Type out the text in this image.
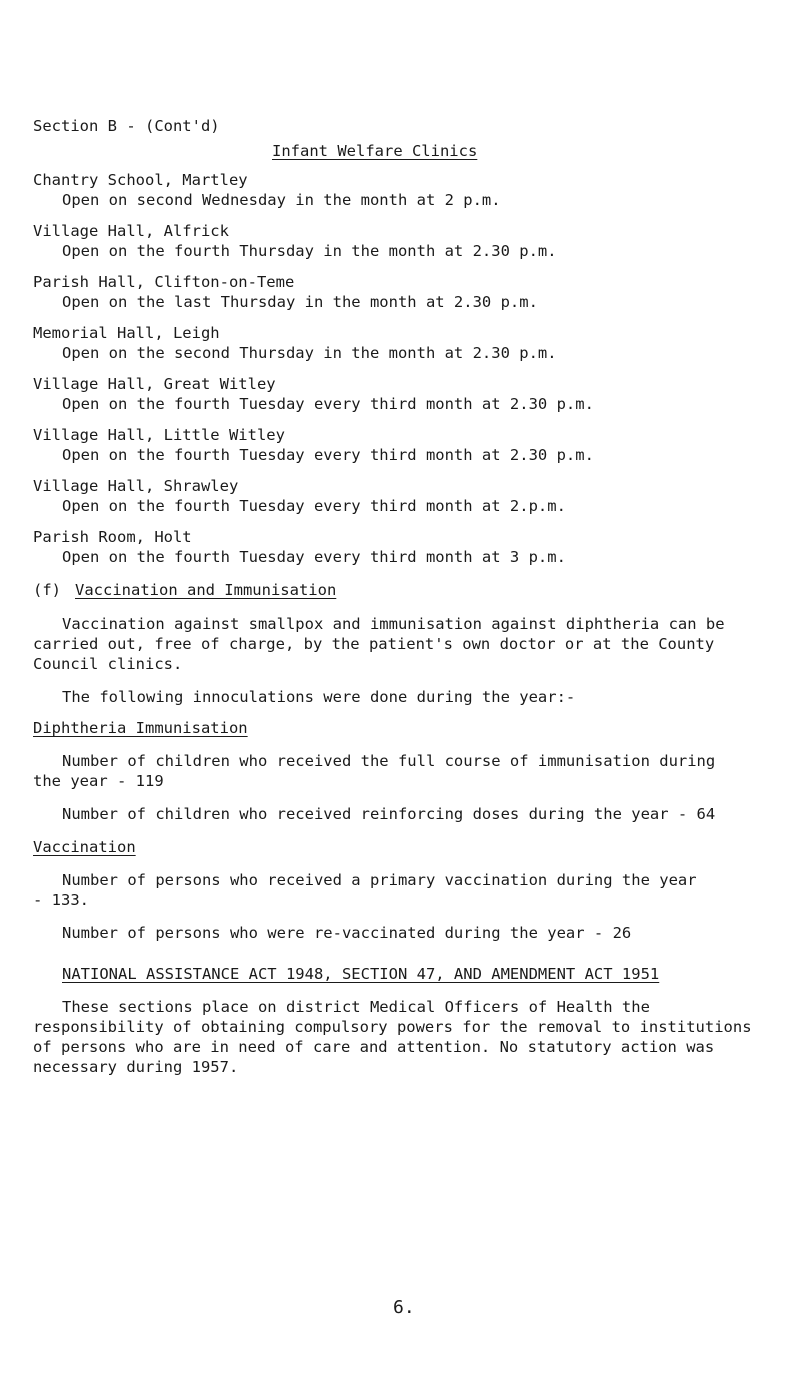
Section B - (Cont'd)
Infant Welfare Clinics
Chantry School, Martley
Open on second Wednesday in the month at 2 p.m.
Village Hall, Alfrick
Open on the fourth Thursday in the month at 2.30 p.m.
Parish Hall, Clifton-on-Teme
Open on the last Thursday in the month at 2.30 p.m.
Memorial Hall, Leigh
Open on the second Thursday in the month at 2.30 p.m.
Village Hall, Great Witley
Open on the fourth Tuesday every third month at 2.30 p.m.
Village Hall, Little Witley
Open on the fourth Tuesday every third month at 2.30 p.m.
Village Hall, Shrawley
Open on the fourth Tuesday every third month at 2.p.m.
Parish Room, Holt
Open on the fourth Tuesday every third month at 3 p.m.
(f) Vaccination and Immunisation
Vaccination against smallpox and immunisation against diphtheria can be
carried out, free of charge, by the patient's own doctor or at the County
Council clinics.
The following innoculations were done during the year:-
Diphtheria Immunisation
Number of children who received the full course of immunisation during
the year - 119
Number of children who received reinforcing doses during the year - 64
Vaccination
Number of persons who received a primary vaccination during the year
- 133.
Number of persons who were re-vaccinated during the year - 26
NATIONAL ASSISTANCE ACT 1948, SECTION 47, AND AMENDMENT ACT 1951
These sections place on district Medical Officers of Health the
responsibility of obtaining compulsory powers for the removal to institutions
of persons who are in need of care and attention. No statutory action was
necessary during 1957.
6.
